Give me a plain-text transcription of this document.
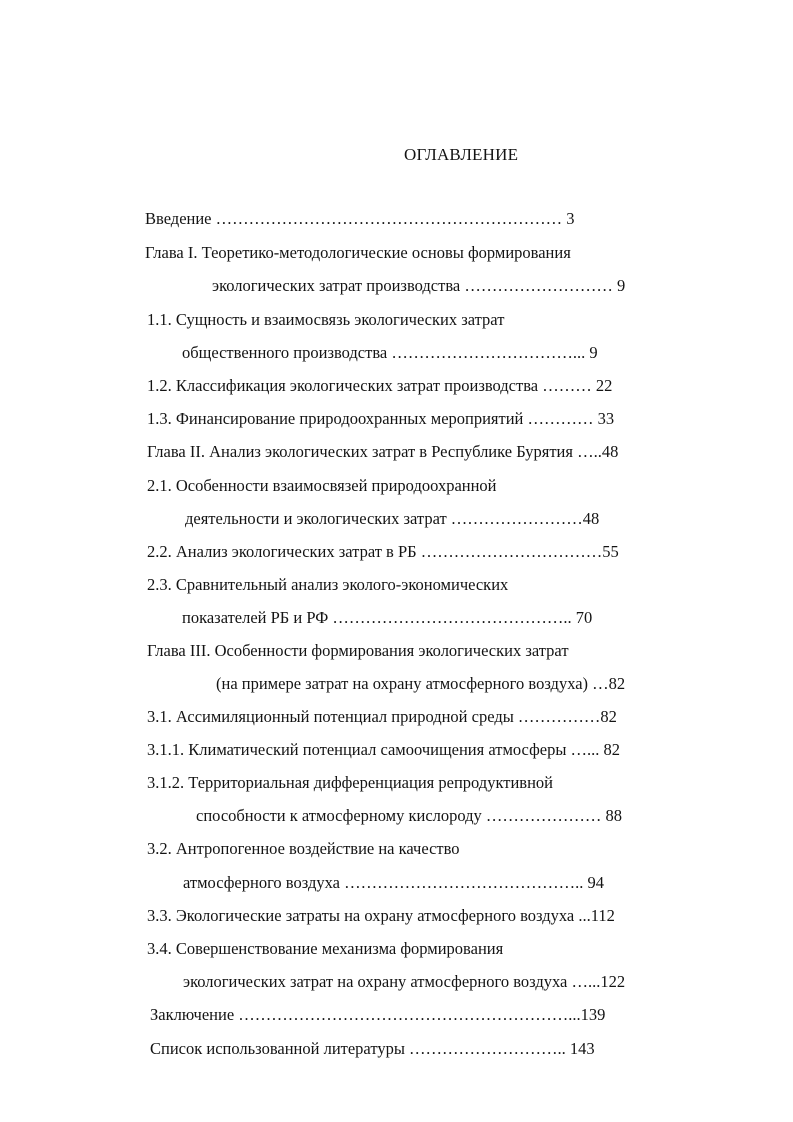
ОГЛАВЛЕНИЕ
Введение ……………………………………………………… 3
Глава I. Теоретико-методологические основы формирования
экологических затрат производства ……………………… 9
1.1. Сущность и взаимосвязь экологических затрат
общественного производства ……………………………... 9
1.2. Классификация экологических затрат производства ……… 22
1.3. Финансирование природоохранных мероприятий ………… 33
Глава II. Анализ экологических затрат в Республике Бурятия …..48
2.1. Особенности взаимосвязей природоохранной
деятельности и экологических затрат ……………………48
2.2. Анализ экологических затрат в РБ ……………………………55
2.3. Сравнительный анализ эколого-экономических
показателей РБ и РФ …………………………………….. 70
Глава III. Особенности формирования экологических затрат
(на примере затрат на охрану атмосферного воздуха) …82
3.1. Ассимиляционный потенциал природной среды ……………82
3.1.1. Климатический потенциал самоочищения атмосферы …... 82
3.1.2. Территориальная дифференциация репродуктивной
способности к атмосферному кислороду ………………… 88
3.2. Антропогенное воздействие на качество
атмосферного воздуха …………………………………….. 94
3.3. Экологические затраты на охрану атмосферного воздуха ...112
3.4. Совершенствование механизма формирования
экологических затрат на охрану атмосферного воздуха …...122
Заключение ……………………………………………………...139
Список использованной литературы ……………………….. 143
